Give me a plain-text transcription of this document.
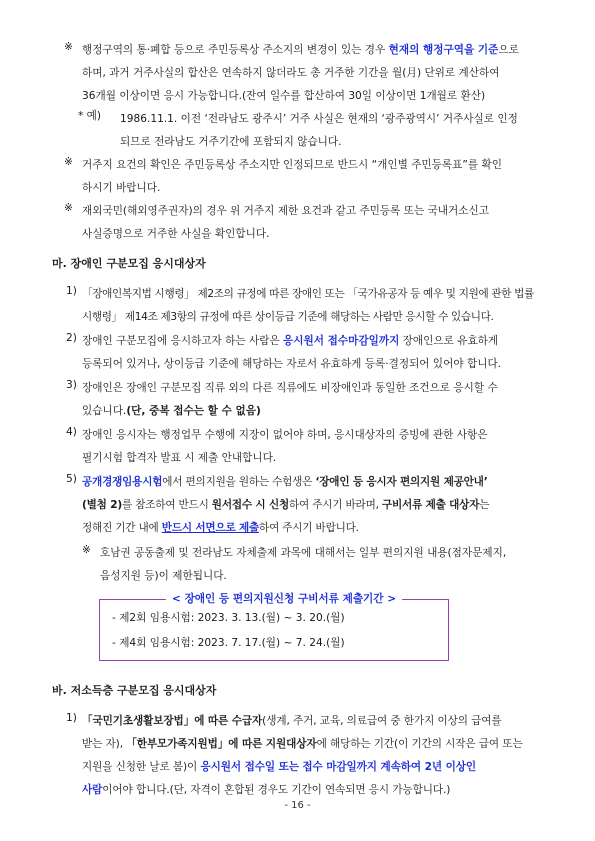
※ 행정구역의 통·폐합 등으로 주민등록상 주소지의 변경이 있는 경우 현재의 행정구역을 기준으로
하며, 과거 거주사실의 합산은 연속하지 않더라도 총 거주한 기간을 월(月) 단위로 계산하여
36개월 이상이면 응시 가능합니다.(잔여 일수를 합산하여 30일 이상이면 1개월로 환산)
* 예) 1986.11.1. 이전 ‘전라남도 광주시’ 거주 사실은 현재의 ‘광주광역시’ 거주사실로 인정
되므로 전라남도 거주기간에 포함되지 않습니다.
※ 거주지 요건의 확인은 주민등록상 주소지만 인정되므로 반드시 “개인별 주민등록표”를 확인
하시기 바랍니다.
※ 재외국민(해외영주권자)의 경우 위 거주지 제한 요건과 같고 주민등록 또는 국내거소신고
사실증명으로 거주한 사실을 확인합니다.
마. 장애인 구분모집 응시대상자
1) 「장애인복지법 시행령」 제2조의 규정에 따른 장애인 또는 「국가유공자 등 예우 및 지원에 관한 법률
시행령」 제14조 제3항의 규정에 따른 상이등급 기준에 해당하는 사람만 응시할 수 있습니다.
2) 장애인 구분모집에 응시하고자 하는 사람은 응시원서 접수마감일까지 장애인으로 유효하게
등록되어 있거나, 상이등급 기준에 해당하는 자로서 유효하게 등록·결정되어 있어야 합니다.
3) 장애인은 장애인 구분모집 직류 외의 다른 직류에도 비장애인과 동일한 조건으로 응시할 수
있습니다.(단, 중복 접수는 할 수 없음)
4) 장애인 응시자는 행정업무 수행에 지장이 없어야 하며, 응시대상자의 증빙에 관한 사항은
필기시험 합격자 발표 시 제출 안내합니다.
5) 공개경쟁임용시험에서 편의지원을 원하는 수험생은 ‘장애인 등 응시자 편의지원 제공안내’
(별첨 2)를 참조하여 반드시 원서접수 시 신청하여 주시기 바라며, 구비서류 제출 대상자는
정해진 기간 내에 반드시 서면으로 제출하여 주시기 바랍니다.
※ 호남권 공동출제 및 전라남도 자체출제 과목에 대해서는 일부 편의지원 내용(점자문제지,
음성지원 등)이 제한됩니다.
< 장애인 등 편의지원신청 구비서류 제출기간 >
- 제2회 임용시험: 2023. 3. 13.(월) ~ 3. 20.(월)
- 제4회 임용시험: 2023. 7. 17.(월) ~ 7. 24.(월)
바. 저소득층 구분모집 응시대상자
1) 「국민기초생활보장법」에 따른 수급자(생계, 주거, 교육, 의료급여 중 한가지 이상의 급여를
받는 자), 「한부모가족지원법」에 따른 지원대상자에 해당하는 기간(이 기간의 시작은 급여 또는
지원을 신청한 날로 봄)이 응시원서 접수일 또는 접수 마감일까지 계속하여 2년 이상인
사람이어야 합니다.(단, 자격이 혼합된 경우도 기간이 연속되면 응시 가능합니다.)
- 16 -
